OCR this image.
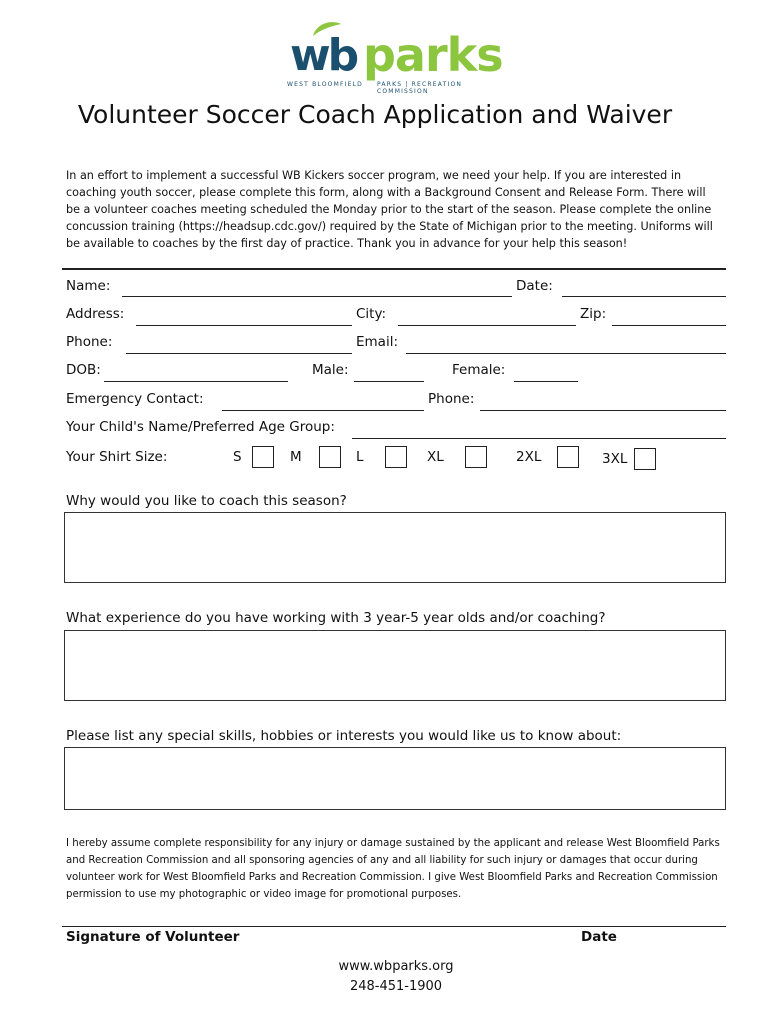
wb parks
WEST BLOOMFIELD PARKS | RECREATION COMMISSION
Volunteer Soccer Coach Application and Waiver
In an effort to implement a successful WB Kickers soccer program, we need your help. If you are interested in coaching youth soccer, please complete this form, along with a Background Consent and Release Form. There will be a volunteer coaches meeting scheduled the Monday prior to the start of the season. Please complete the online concussion training (https://headsup.cdc.gov/) required by the State of Michigan prior to the meeting. Uniforms will be available to coaches by the first day of practice. Thank you in advance for your help this season!
Name:	Date:
Address:	City:	Zip:
Phone:	Email:
DOB:	Male:	Female:
Emergency Contact:	Phone:
Your Child's Name/Preferred Age Group:
Your Shirt Size:	S	M	L	XL	2XL	3XL
Why would you like to coach this season?
What experience do you have working with 3 year-5 year olds and/or coaching?
Please list any special skills, hobbies or interests you would like us to know about:
I hereby assume complete responsibility for any injury or damage sustained by the applicant and release West Bloomfield Parks and Recreation Commission and all sponsoring agencies of any and all liability for such injury or damages that occur during volunteer work for West Bloomfield Parks and Recreation Commission. I give West Bloomfield Parks and Recreation Commission permission to use my photographic or video image for promotional purposes.
Signature of Volunteer	Date
www.wbparks.org
248-451-1900
